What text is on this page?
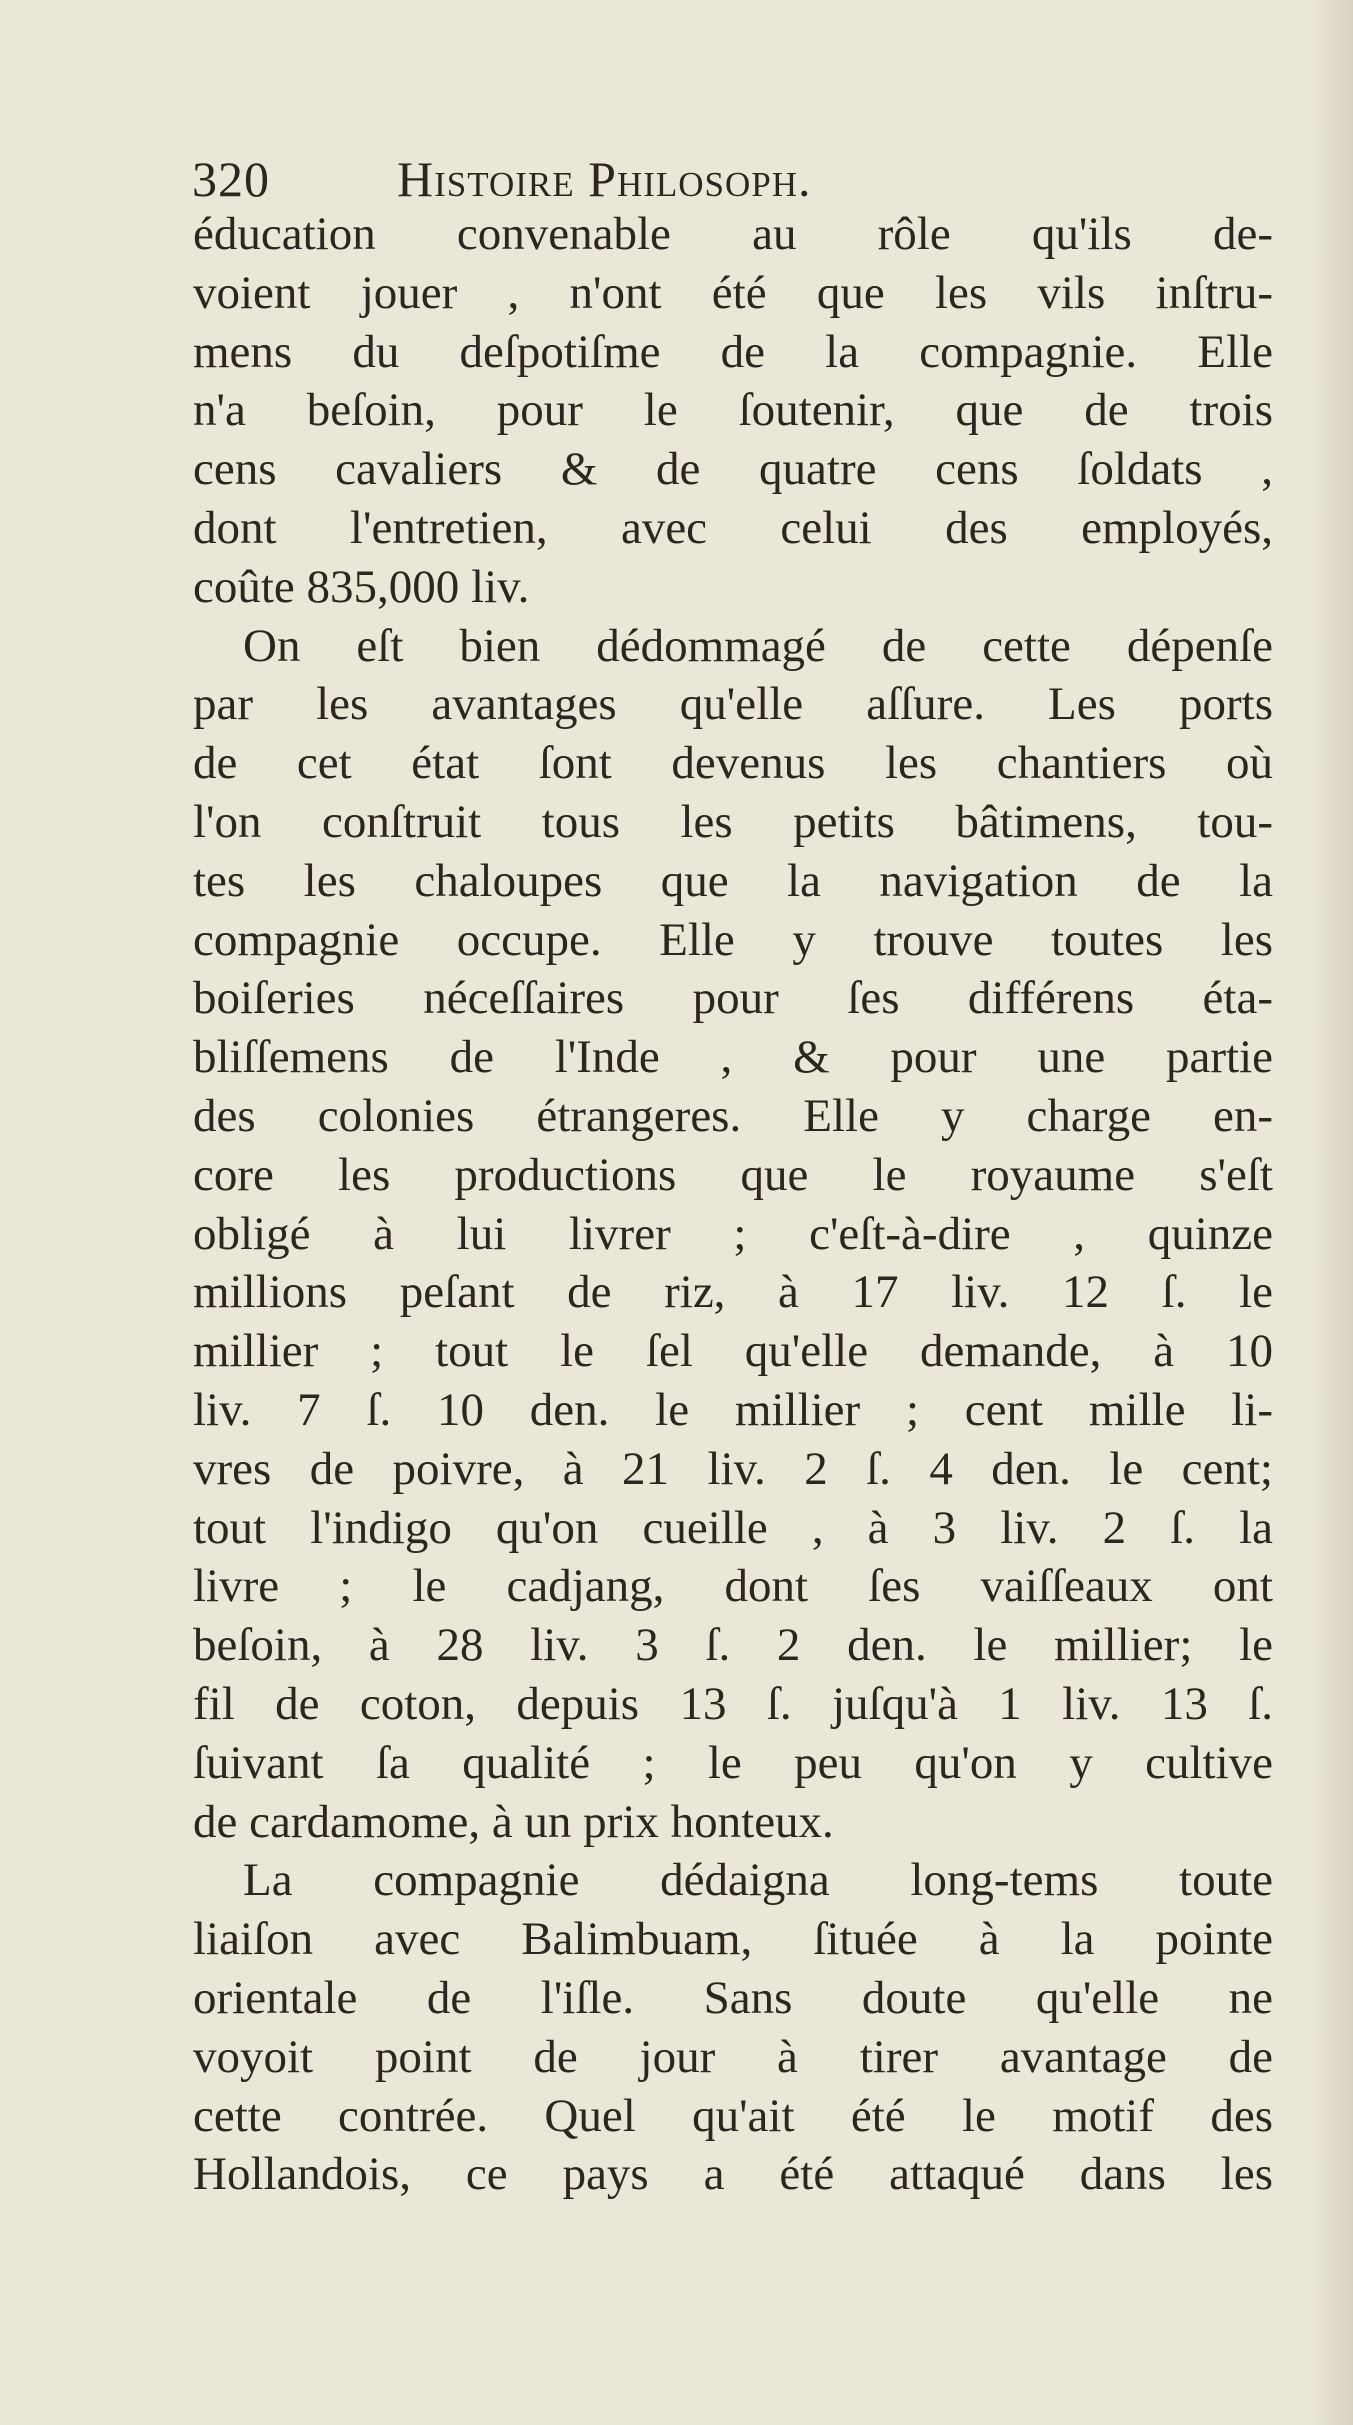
320	Histoire Philosoph.
éducation convenable au rôle qu'ils de-
voient jouer , n'ont été que les vils inſtru-
mens du deſpotiſme de la compagnie. Elle
n'a beſoin, pour le ſoutenir, que de trois
cens cavaliers & de quatre cens ſoldats ,
dont l'entretien, avec celui des employés,
coûte 835,000 liv.
On eſt bien dédommagé de cette dépenſe
par les avantages qu'elle aſſure. Les ports
de cet état ſont devenus les chantiers où
l'on conſtruit tous les petits bâtimens, tou-
tes les chaloupes que la navigation de la
compagnie occupe. Elle y trouve toutes les
boiſeries néceſſaires pour ſes différens éta-
bliſſemens de l'Inde , & pour une partie
des colonies étrangeres. Elle y charge en-
core les productions que le royaume s'eſt
obligé à lui livrer ; c'eſt-à-dire , quinze
millions peſant de riz, à 17 liv. 12 ſ. le
millier ; tout le ſel qu'elle demande, à 10
liv. 7 ſ. 10 den. le millier ; cent mille li-
vres de poivre, à 21 liv. 2 ſ. 4 den. le cent;
tout l'indigo qu'on cueille , à 3 liv. 2 ſ. la
livre ; le cadjang, dont ſes vaiſſeaux ont
beſoin, à 28 liv. 3 ſ. 2 den. le millier; le
fil de coton, depuis 13 ſ. juſqu'à 1 liv. 13 ſ.
ſuivant ſa qualité ; le peu qu'on y cultive
de cardamome, à un prix honteux.
La compagnie dédaigna long-tems toute
liaiſon avec Balimbuam, ſituée à la pointe
orientale de l'iſle. Sans doute qu'elle ne
voyoit point de jour à tirer avantage de
cette contrée. Quel qu'ait été le motif des
Hollandois, ce pays a été attaqué dans les
